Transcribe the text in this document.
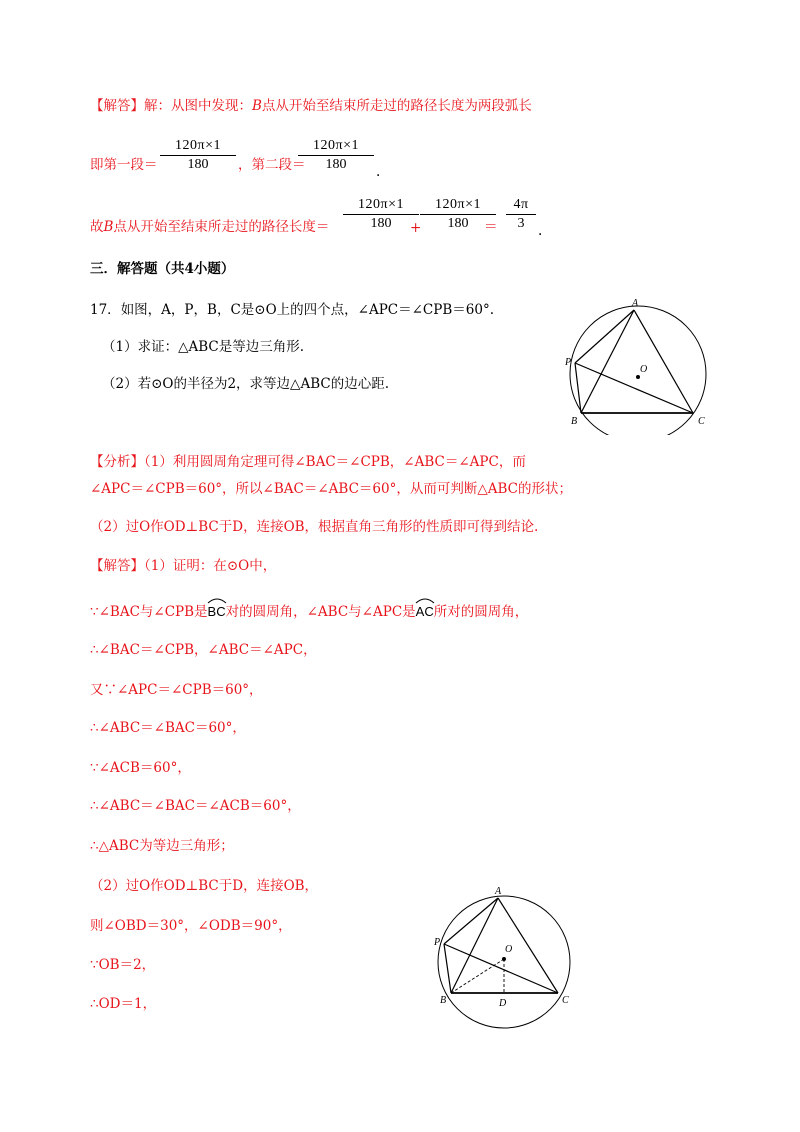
【解答】解：从图中发现：B点从开始至结束所走过的路径长度为两段弧长
即第一段＝ $\frac{120\pi\times 1}{180}$ ，第二段＝
$\frac{120\pi\times 1}{180}$ .
故B点从开始至结束所走过的路径长度＝ $\frac{120\pi\times 1}{180}$
+
$\frac{120\pi\times 1}{180}$
＝ $\frac{4\pi}{3}$ .
三．解答题（共4小题）
17．如图，A，P，B，C是⊙O上的四个点，∠APC＝∠CPB＝60°.
（1）求证：△ABC是等边三角形.
（2）若⊙O的半径为2，求等边△ABC的边心距.
A
P
B	C
O
【分析】（1）利用圆周角定理可得∠BAC＝∠CPB，∠ABC＝∠APC，而
∠APC＝∠CPB＝60°，所以∠BAC＝∠ABC＝60°，从而可判断△ABC的形状；
（2）过O作OD⊥BC于D，连接OB，根据直角三角形的性质即可得到结论.
【解答】（1）证明：在⊙O中，
∵∠BAC与∠CPB是
BC对的圆周角，∠ABC与∠APC是
AC所对的圆周角，
∴∠BAC＝∠CPB，∠ABC＝∠APC，
又∵∠APC＝∠CPB＝60°，
∴∠ABC＝∠BAC＝60°，
∵∠ACB＝60°，
∴∠ABC＝∠BAC＝∠ACB＝60°，
∴△ABC为等边三角形；
（2）过O作OD⊥BC于D，连接OB，
则∠OBD＝30°，∠ODB＝90°，
∵OB＝2，
∴OD＝1，
A
P
B	C
O
D
